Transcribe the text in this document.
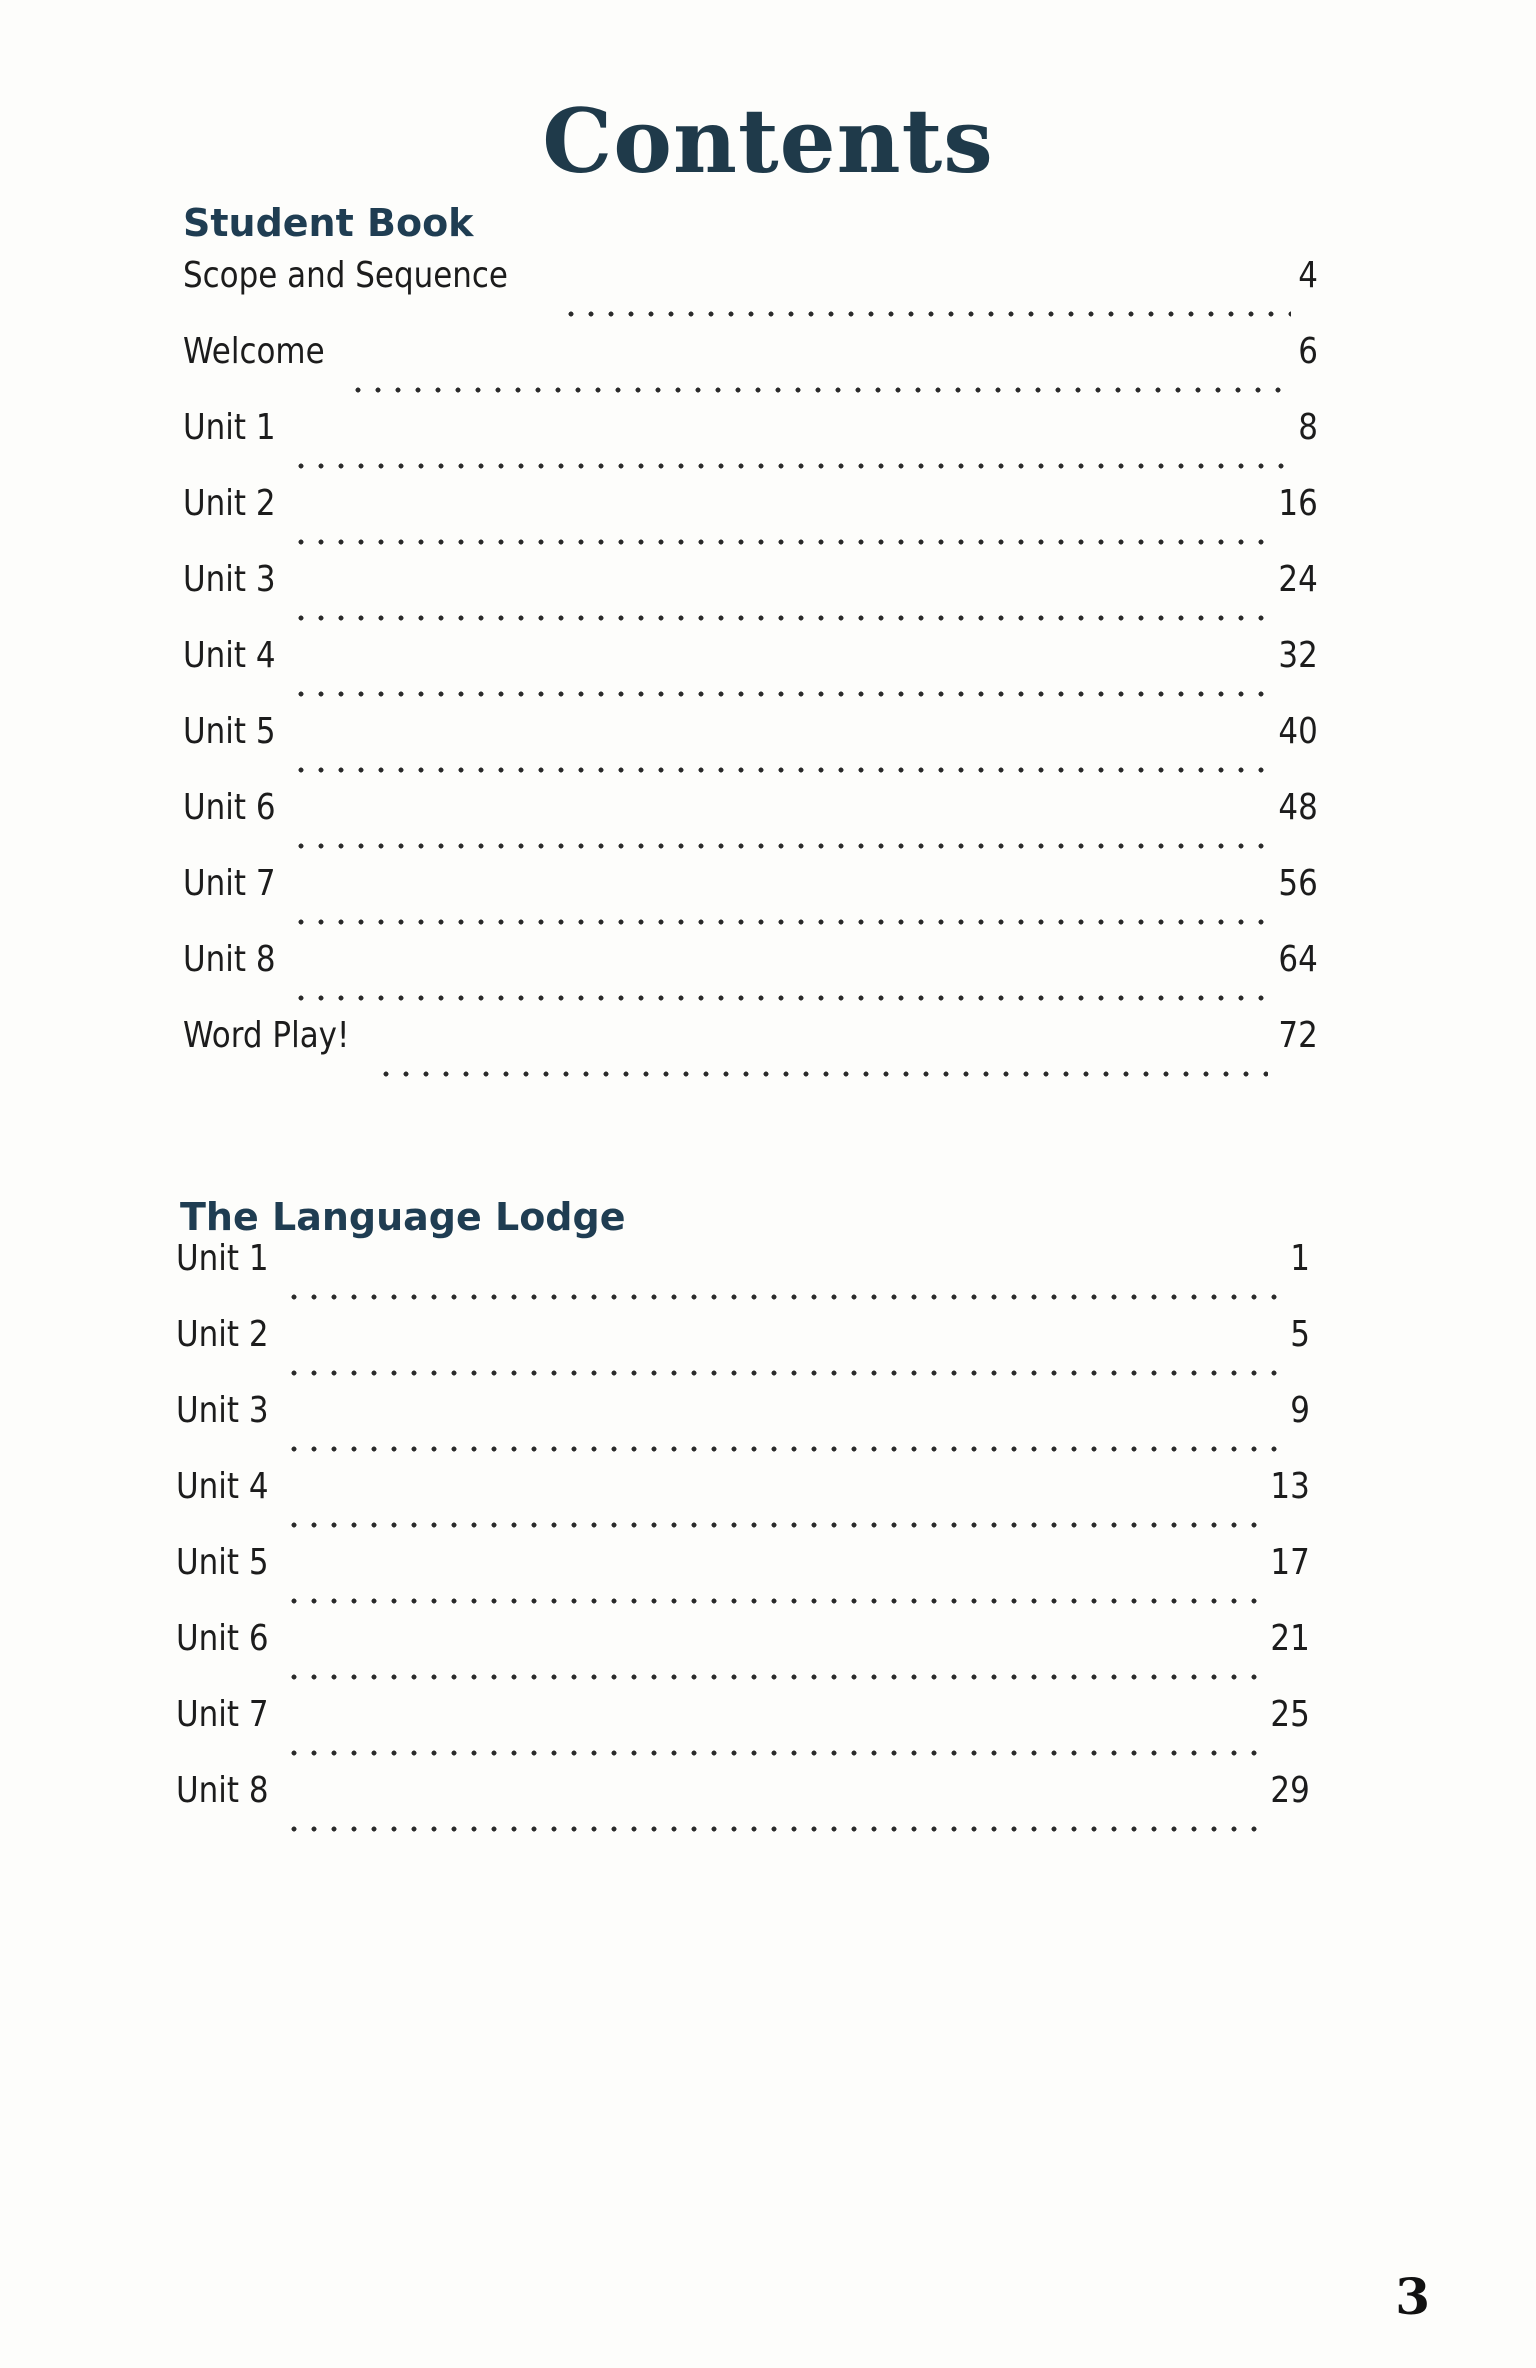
Contents
Student Book
Scope and Sequence	4
Welcome	6
Unit 1	8
Unit 2	16
Unit 3	24
Unit 4	32
Unit 5	40
Unit 6	48
Unit 7	56
Unit 8	64
Word Play!	72
The Language Lodge
Unit 1	1
Unit 2	5
Unit 3	9
Unit 4	13
Unit 5	17
Unit 6	21
Unit 7	25
Unit 8	29
3
